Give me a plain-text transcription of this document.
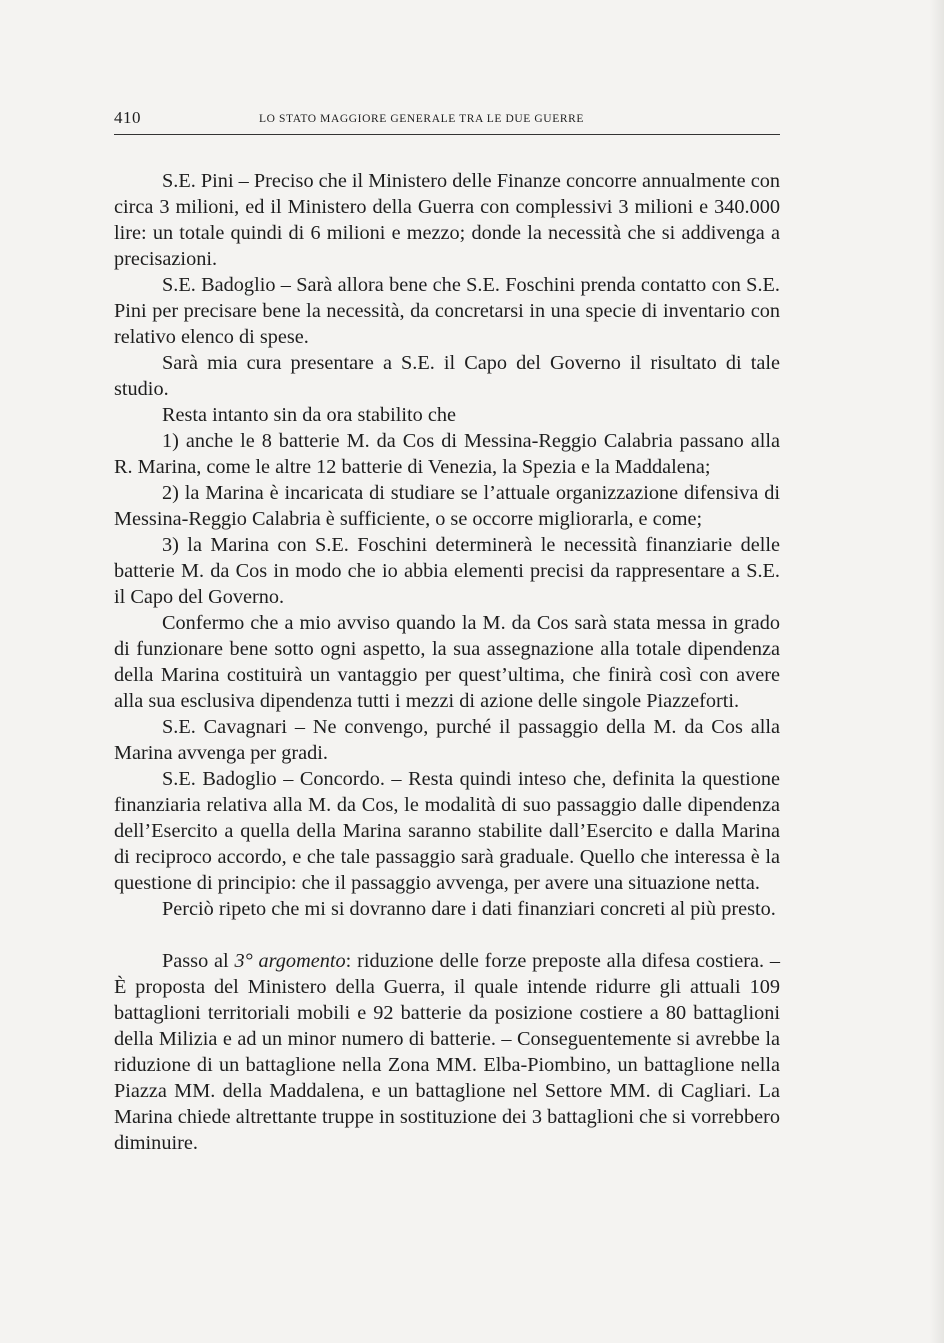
410	LO STATO MAGGIORE GENERALE TRA LE DUE GUERRE

S.E. Pini – Preciso che il Ministero delle Finanze concorre annualmente con circa 3 milioni, ed il Ministero della Guerra con complessivi 3 milioni e 340.000 lire: un totale quindi di 6 milioni e mezzo; donde la necessità che si addivenga a precisazioni.

S.E. Badoglio – Sarà allora bene che S.E. Foschini prenda contatto con S.E. Pini per precisare bene la necessità, da concretarsi in una specie di inventario con relativo elenco di spese.

Sarà mia cura presentare a S.E. il Capo del Governo il risultato di tale studio.

Resta intanto sin da ora stabilito che

1) anche le 8 batterie M. da Cos di Messina-Reggio Calabria passano alla R. Marina, come le altre 12 batterie di Venezia, la Spezia e la Maddalena;

2) la Marina è incaricata di studiare se l’attuale organizzazione difensiva di Messina-Reggio Calabria è sufficiente, o se occorre migliorarla, e come;

3) la Marina con S.E. Foschini determinerà le necessità finanziarie delle batterie M. da Cos in modo che io abbia elementi precisi da rappresentare a S.E. il Capo del Governo.

Confermo che a mio avviso quando la M. da Cos sarà stata messa in grado di funzionare bene sotto ogni aspetto, la sua assegnazione alla totale dipendenza della Marina costituirà un vantaggio per quest’ultima, che finirà così con avere alla sua esclusiva dipendenza tutti i mezzi di azione delle singole Piazzeforti.

S.E. Cavagnari – Ne convengo, purché il passaggio della M. da Cos alla Marina avvenga per gradi.

S.E. Badoglio – Concordo. – Resta quindi inteso che, definita la questione finanziaria relativa alla M. da Cos, le modalità di suo passaggio dalle dipendenza dell’Esercito a quella della Marina saranno stabilite dall’Esercito e dalla Marina di reciproco accordo, e che tale passaggio sarà graduale. Quello che interessa è la questione di principio: che il passaggio avvenga, per avere una situazione netta.

Perciò ripeto che mi si dovranno dare i dati finanziari concreti al più presto.

Passo al 3° argomento: riduzione delle forze preposte alla difesa costiera. – È proposta del Ministero della Guerra, il quale intende ridurre gli attuali 109 battaglioni territoriali mobili e 92 batterie da posizione costiere a 80 battaglioni della Milizia e ad un minor numero di batterie. – Conseguentemente si avrebbe la riduzione di un battaglione nella Zona MM. Elba-Piombino, un battaglione nella Piazza MM. della Maddalena, e un battaglione nel Settore MM. di Cagliari. La Marina chiede altrettante truppe in sostituzione dei 3 battaglioni che si vorrebbero diminuire.
